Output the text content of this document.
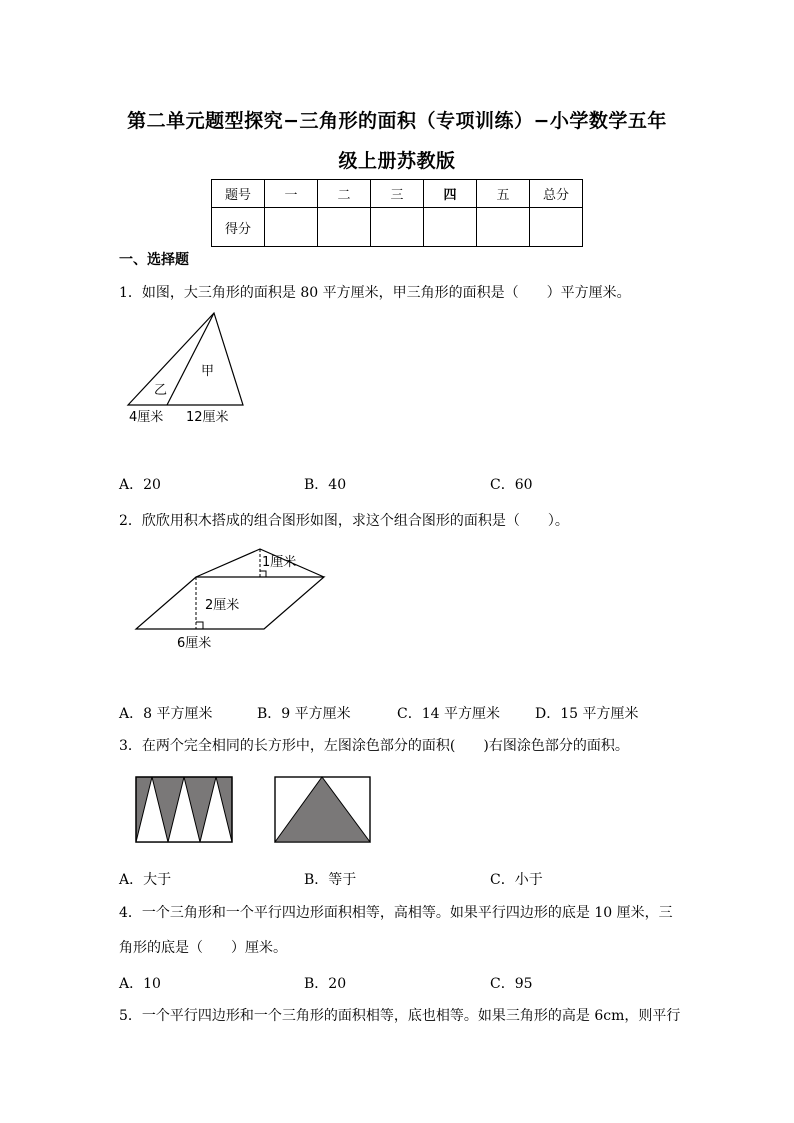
第二单元题型探究−三角形的面积（专项训练）−小学数学五年
级上册苏教版
题号	一	二	三	四	五	总分
得分						
一、选择题
1．如图，大三角形的面积是 80 平方厘米，甲三角形的面积是（　　）平方厘米。
乙
甲
4厘米 12厘米
A．20	B．40	C．60
2．欣欣用积木搭成的组合图形如图，求这个组合图形的面积是（　　）。
1厘米
2厘米
6厘米
A．8 平方厘米	B．9 平方厘米	C．14 平方厘米	D．15 平方厘米
3．在两个完全相同的长方形中，左图涂色部分的面积(　　)右图涂色部分的面积。
A．大于	B．等于	C．小于
4．一个三角形和一个平行四边形面积相等，高相等。如果平行四边形的底是 10 厘米，三
角形的底是（　　）厘米。
A．10	B．20	C．95
5．一个平行四边形和一个三角形的面积相等，底也相等。如果三角形的高是 6cm，则平行
